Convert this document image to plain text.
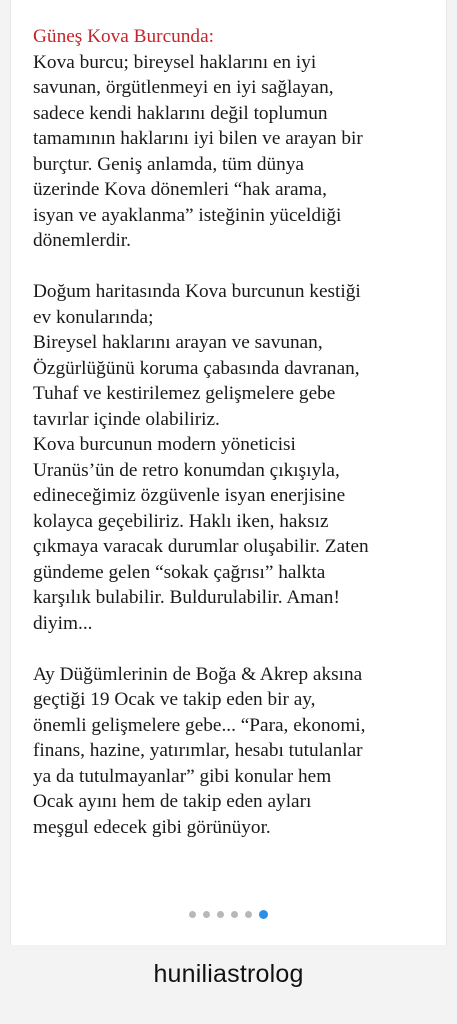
Güneş Kova Burcunda:

Kova burcu; bireysel haklarını en iyi
savunan, örgütlenmeyi en iyi sağlayan,
sadece kendi haklarını değil toplumun
tamamının haklarını iyi bilen ve arayan bir
burçtur. Geniş anlamda, tüm dünya
üzerinde Kova dönemleri “hak arama,
isyan ve ayaklanma” isteğinin yüceldiği
dönemlerdir.

Doğum haritasında Kova burcunun kestiği
ev konularında;
Bireysel haklarını arayan ve savunan,
Özgürlüğünü koruma çabasında davranan,
Tuhaf ve kestirilemez gelişmelere gebe
tavırlar içinde olabiliriz.
Kova burcunun modern yöneticisi
Uranüs’ün de retro konumdan çıkışıyla,
edineceğimiz özgüvenle isyan enerjisine
kolayca geçebiliriz. Haklı iken, haksız
çıkmaya varacak durumlar oluşabilir. Zaten
gündeme gelen “sokak çağrısı” halkta
karşılık bulabilir. Buldurulabilir. Aman!
diyim...

Ay Düğümlerinin de Boğa & Akrep aksına
geçtiği 19 Ocak ve takip eden bir ay,
önemli gelişmelere gebe... “Para, ekonomi,
finans, hazine, yatırımlar, hesabı tutulanlar
ya da tutulmayanlar” gibi konular hem
Ocak ayını hem de takip eden ayları
meşgul edecek gibi görünüyor.

huniliastrolog
